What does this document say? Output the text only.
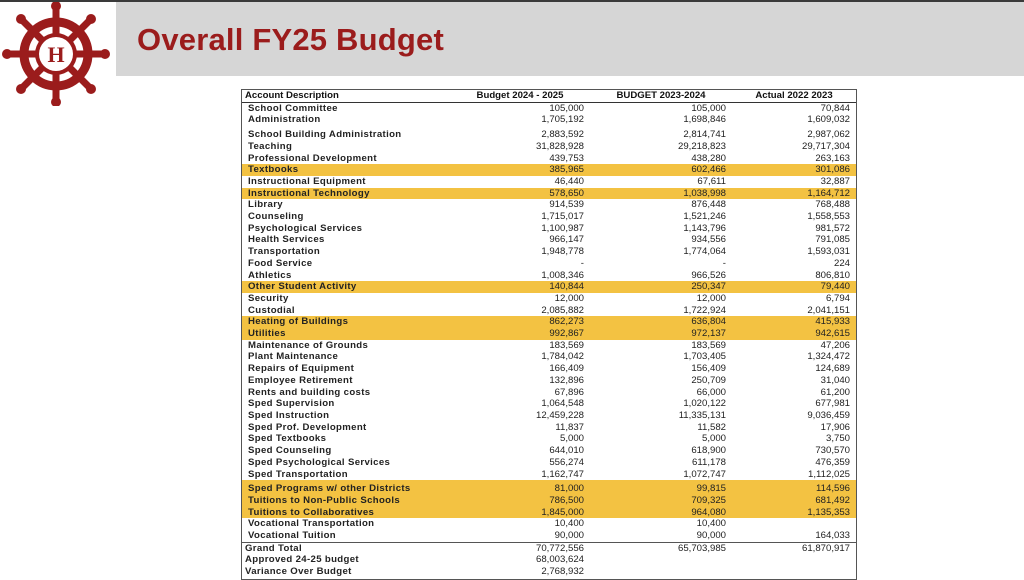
H Overall FY25 Budget
Account Description	Budget 2024 - 2025	BUDGET 2023-2024	Actual 2022 2023
School Committee	105,000	105,000	70,844
Administration	1,705,192	1,698,846	1,609,032
School Building Administration	2,883,592	2,814,741	2,987,062
Teaching	31,828,928	29,218,823	29,717,304
Professional Development	439,753	438,280	263,163
Textbooks	385,965	602,466	301,086
Instructional Equipment	46,440	67,611	32,887
Instructional Technology	578,650	1,038,998	1,164,712
Library	914,539	876,448	768,488
Counseling	1,715,017	1,521,246	1,558,553
Psychological Services	1,100,987	1,143,796	981,572
Health Services	966,147	934,556	791,085
Transportation	1,948,778	1,774,064	1,593,031
Food Service	-	-	224
Athletics	1,008,346	966,526	806,810
Other Student Activity	140,844	250,347	79,440
Security	12,000	12,000	6,794
Custodial	2,085,882	1,722,924	2,041,151
Heating of Buildings	862,273	636,804	415,933
Utilities	992,867	972,137	942,615
Maintenance of Grounds	183,569	183,569	47,206
Plant Maintenance	1,784,042	1,703,405	1,324,472
Repairs of Equipment	166,409	156,409	124,689
Employee Retirement	132,896	250,709	31,040
Rents and building costs	67,896	66,000	61,200
Sped Supervision	1,064,548	1,020,122	677,981
Sped Instruction	12,459,228	11,335,131	9,036,459
Sped Prof. Development	11,837	11,582	17,906
Sped Textbooks	5,000	5,000	3,750
Sped Counseling	644,010	618,900	730,570
Sped Psychological Services	556,274	611,178	476,359
Sped Transportation	1,162,747	1,072,747	1,112,025
Sped Programs w/ other Districts	81,000	99,815	114,596
Tuitions to Non-Public Schools	786,500	709,325	681,492
Tuitions to Collaboratives	1,845,000	964,080	1,135,353
Vocational Transportation	10,400	10,400	
Vocational Tuition	90,000	90,000	164,033
Grand Total	70,772,556	65,703,985	61,870,917
Approved 24-25 budget	68,003,624		
Variance Over Budget	2,768,932		
